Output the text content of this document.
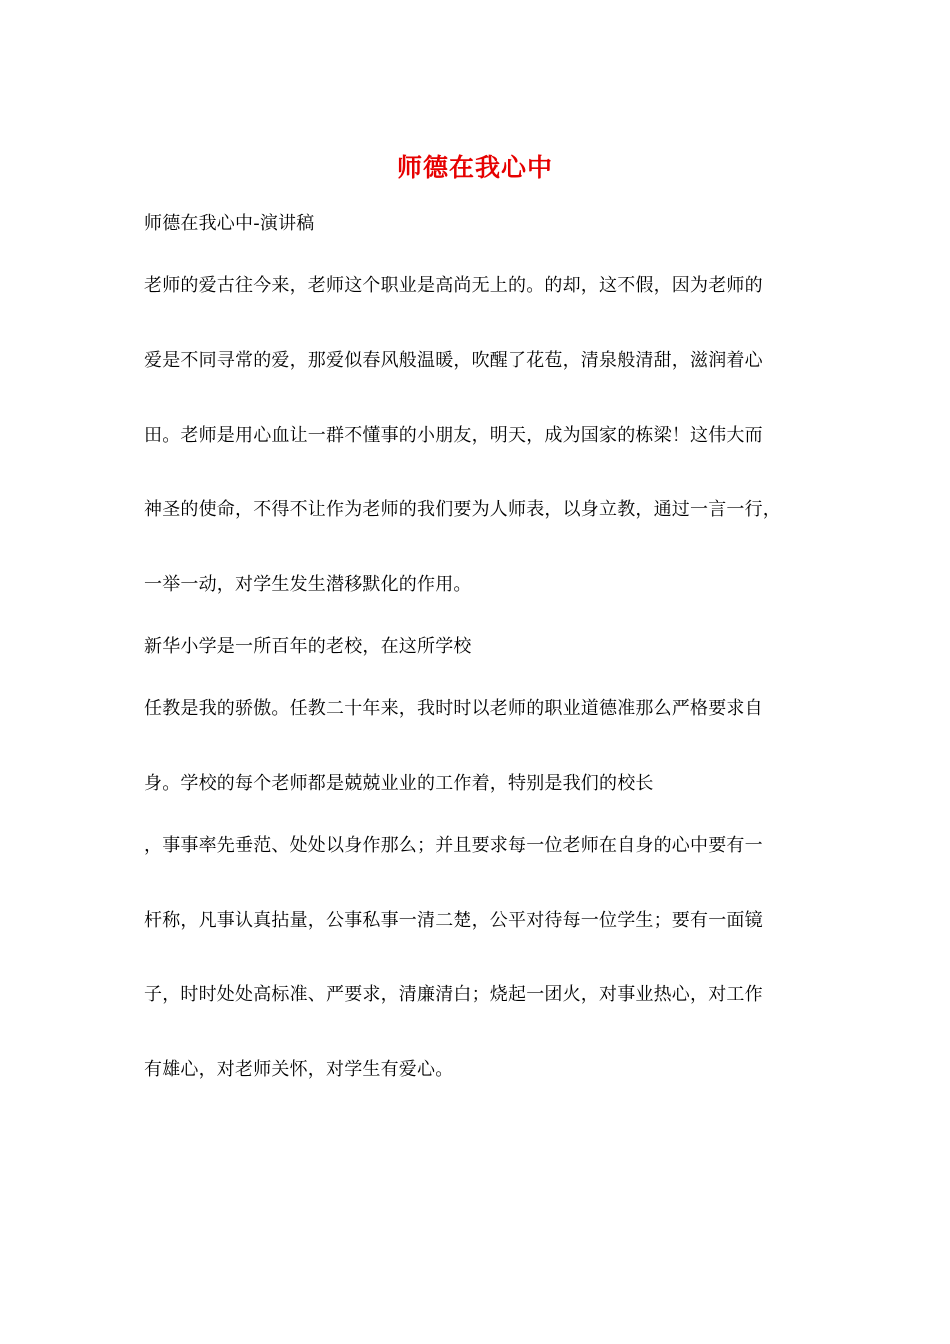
师德在我心中
师德在我心中-演讲稿
老师的爱古往今来，老师这个职业是高尚无上的。的却，这不假，因为老师的
爱是不同寻常的爱，那爱似春风般温暖，吹醒了花苞，清泉般清甜，滋润着心
田。老师是用心血让一群不懂事的小朋友，明天，成为国家的栋梁！这伟大而
神圣的使命，不得不让作为老师的我们要为人师表，以身立教，通过一言一行，
一举一动，对学生发生潜移默化的作用。
新华小学是一所百年的老校，在这所学校
任教是我的骄傲。任教二十年来，我时时以老师的职业道德准那么严格要求自
身。学校的每个老师都是兢兢业业的工作着，特别是我们的校长
，事事率先垂范、处处以身作那么；并且要求每一位老师在自身的心中要有一
杆称，凡事认真拈量，公事私事一清二楚，公平对待每一位学生；要有一面镜
子，时时处处高标准、严要求，清廉清白；烧起一团火，对事业热心，对工作
有雄心，对老师关怀，对学生有爱心。
